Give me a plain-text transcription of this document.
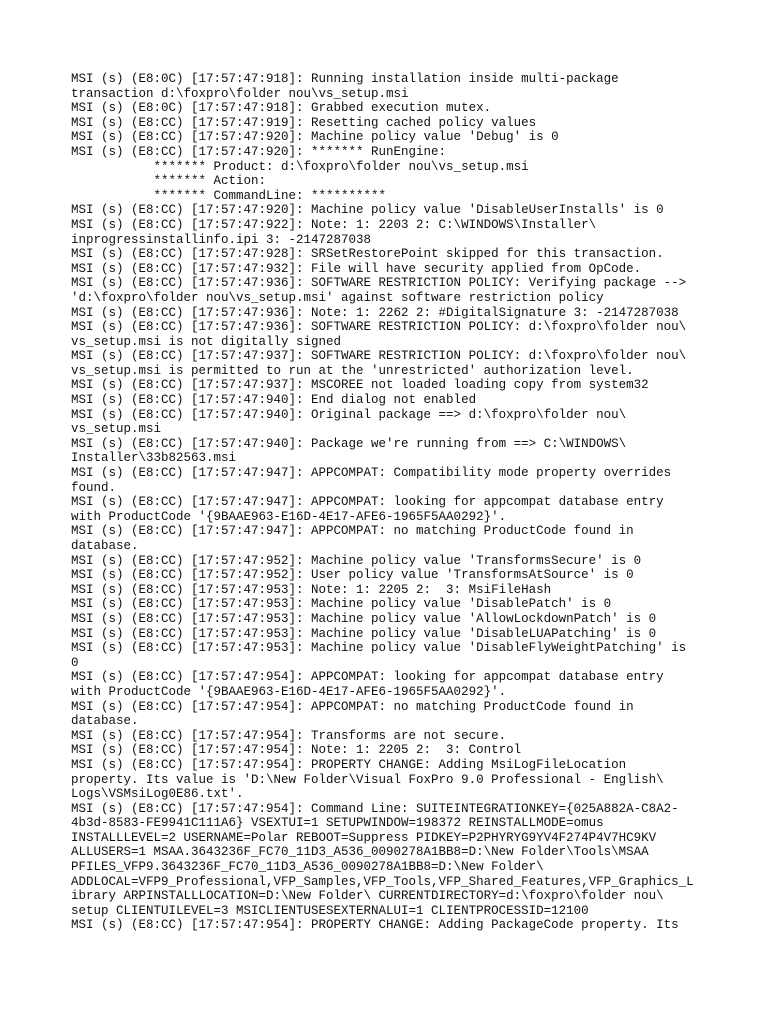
MSI (s) (E8:0C) [17:57:47:918]: Running installation inside multi-package
transaction d:\foxpro\folder nou\vs_setup.msi
MSI (s) (E8:0C) [17:57:47:918]: Grabbed execution mutex.
MSI (s) (E8:CC) [17:57:47:919]: Resetting cached policy values
MSI (s) (E8:CC) [17:57:47:920]: Machine policy value 'Debug' is 0
MSI (s) (E8:CC) [17:57:47:920]: ******* RunEngine:
******* Product: d:\foxpro\folder nou\vs_setup.msi
******* Action:
******* CommandLine: **********
MSI (s) (E8:CC) [17:57:47:920]: Machine policy value 'DisableUserInstalls' is 0
MSI (s) (E8:CC) [17:57:47:922]: Note: 1: 2203 2: C:\WINDOWS\Installer\
inprogressinstallinfo.ipi 3: -2147287038
MSI (s) (E8:CC) [17:57:47:928]: SRSetRestorePoint skipped for this transaction.
MSI (s) (E8:CC) [17:57:47:932]: File will have security applied from OpCode.
MSI (s) (E8:CC) [17:57:47:936]: SOFTWARE RESTRICTION POLICY: Verifying package -->
'd:\foxpro\folder nou\vs_setup.msi' against software restriction policy
MSI (s) (E8:CC) [17:57:47:936]: Note: 1: 2262 2: #DigitalSignature 3: -2147287038
MSI (s) (E8:CC) [17:57:47:936]: SOFTWARE RESTRICTION POLICY: d:\foxpro\folder nou\
vs_setup.msi is not digitally signed
MSI (s) (E8:CC) [17:57:47:937]: SOFTWARE RESTRICTION POLICY: d:\foxpro\folder nou\
vs_setup.msi is permitted to run at the 'unrestricted' authorization level.
MSI (s) (E8:CC) [17:57:47:937]: MSCOREE not loaded loading copy from system32
MSI (s) (E8:CC) [17:57:47:940]: End dialog not enabled
MSI (s) (E8:CC) [17:57:47:940]: Original package ==> d:\foxpro\folder nou\
vs_setup.msi
MSI (s) (E8:CC) [17:57:47:940]: Package we're running from ==> C:\WINDOWS\
Installer\33b82563.msi
MSI (s) (E8:CC) [17:57:47:947]: APPCOMPAT: Compatibility mode property overrides
found.
MSI (s) (E8:CC) [17:57:47:947]: APPCOMPAT: looking for appcompat database entry
with ProductCode '{9BAAE963-E16D-4E17-AFE6-1965F5AA0292}'.
MSI (s) (E8:CC) [17:57:47:947]: APPCOMPAT: no matching ProductCode found in
database.
MSI (s) (E8:CC) [17:57:47:952]: Machine policy value 'TransformsSecure' is 0
MSI (s) (E8:CC) [17:57:47:952]: User policy value 'TransformsAtSource' is 0
MSI (s) (E8:CC) [17:57:47:953]: Note: 1: 2205 2:  3: MsiFileHash
MSI (s) (E8:CC) [17:57:47:953]: Machine policy value 'DisablePatch' is 0
MSI (s) (E8:CC) [17:57:47:953]: Machine policy value 'AllowLockdownPatch' is 0
MSI (s) (E8:CC) [17:57:47:953]: Machine policy value 'DisableLUAPatching' is 0
MSI (s) (E8:CC) [17:57:47:953]: Machine policy value 'DisableFlyWeightPatching' is
0
MSI (s) (E8:CC) [17:57:47:954]: APPCOMPAT: looking for appcompat database entry
with ProductCode '{9BAAE963-E16D-4E17-AFE6-1965F5AA0292}'.
MSI (s) (E8:CC) [17:57:47:954]: APPCOMPAT: no matching ProductCode found in
database.
MSI (s) (E8:CC) [17:57:47:954]: Transforms are not secure.
MSI (s) (E8:CC) [17:57:47:954]: Note: 1: 2205 2:  3: Control
MSI (s) (E8:CC) [17:57:47:954]: PROPERTY CHANGE: Adding MsiLogFileLocation
property. Its value is 'D:\New Folder\Visual FoxPro 9.0 Professional - English\
Logs\VSMsiLog0E86.txt'.
MSI (s) (E8:CC) [17:57:47:954]: Command Line: SUITEINTEGRATIONKEY={025A882A-C8A2-
4b3d-8583-FE9941C111A6} VSEXTUI=1 SETUPWINDOW=198372 REINSTALLMODE=omus
INSTALLLEVEL=2 USERNAME=Polar REBOOT=Suppress PIDKEY=P2PHYRYG9YV4F274P4V7HC9KV
ALLUSERS=1 MSAA.3643236F_FC70_11D3_A536_0090278A1BB8=D:\New Folder\Tools\MSAA
PFILES_VFP9.3643236F_FC70_11D3_A536_0090278A1BB8=D:\New Folder\
ADDLOCAL=VFP9_Professional,VFP_Samples,VFP_Tools,VFP_Shared_Features,VFP_Graphics_L
ibrary ARPINSTALLLOCATION=D:\New Folder\ CURRENTDIRECTORY=d:\foxpro\folder nou\
setup CLIENTUILEVEL=3 MSICLIENTUSESEXTERNALUI=1 CLIENTPROCESSID=12100
MSI (s) (E8:CC) [17:57:47:954]: PROPERTY CHANGE: Adding PackageCode property. Its
